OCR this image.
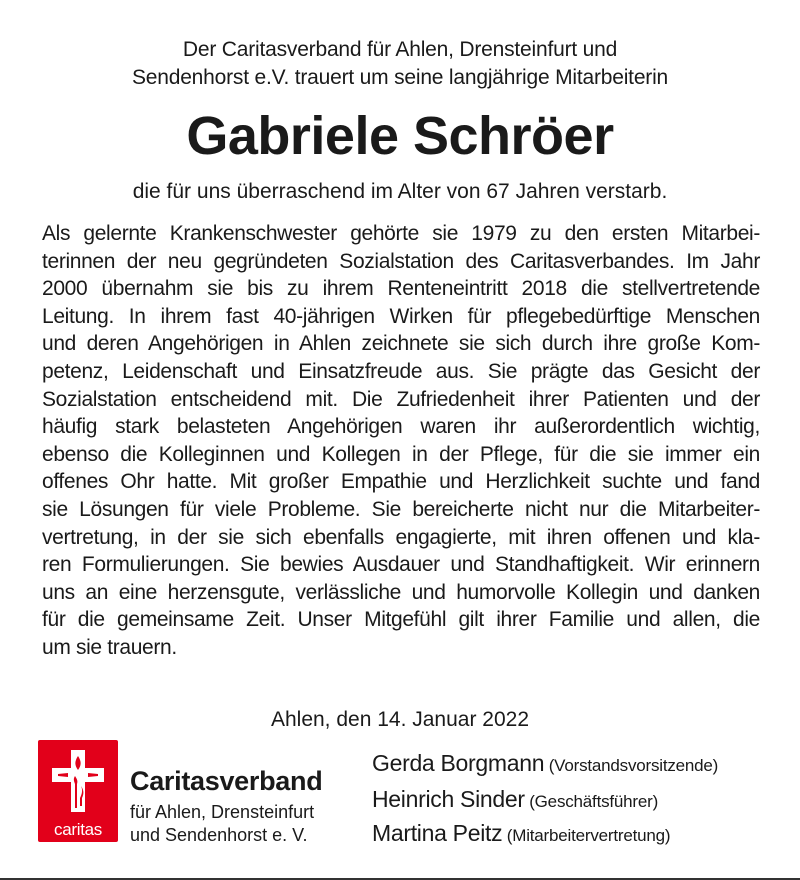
Der Caritasverband für Ahlen, Drensteinfurt und
Sendenhorst e.V. trauert um seine langjährige Mitarbeiterin
Gabriele Schröer
die für uns überraschend im Alter von 67 Jahren verstarb.
Als gelernte Krankenschwester gehörte sie 1979 zu den ersten Mitarbei-
terinnen der neu gegründeten Sozialstation des Caritasverbandes. Im Jahr
2000 übernahm sie bis zu ihrem Renteneintritt 2018 die stellvertretende
Leitung. In ihrem fast 40-jährigen Wirken für pflegebedürftige Menschen
und deren Angehörigen in Ahlen zeichnete sie sich durch ihre große Kom-
petenz, Leidenschaft und Einsatzfreude aus. Sie prägte das Gesicht der
Sozialstation entscheidend mit. Die Zufriedenheit ihrer Patienten und der
häufig stark belasteten Angehörigen waren ihr außerordentlich wichtig,
ebenso die Kolleginnen und Kollegen in der Pflege, für die sie immer ein
offenes Ohr hatte. Mit großer Empathie und Herzlichkeit suchte und fand
sie Lösungen für viele Probleme. Sie bereicherte nicht nur die Mitarbeiter-
vertretung, in der sie sich ebenfalls engagierte, mit ihren offenen und kla-
ren Formulierungen. Sie bewies Ausdauer und Standhaftigkeit. Wir erinnern
uns an eine herzensgute, verlässliche und humorvolle Kollegin und danken
für die gemeinsame Zeit. Unser Mitgefühl gilt ihrer Familie und allen, die
um sie trauern.
Ahlen, den 14. Januar 2022
caritas
Caritasverband
für Ahlen, Drensteinfurt
und Sendenhorst e. V.
Gerda Borgmann (Vorstandsvorsitzende)
Heinrich Sinder (Geschäftsführer)
Martina Peitz (Mitarbeitervertretung)
